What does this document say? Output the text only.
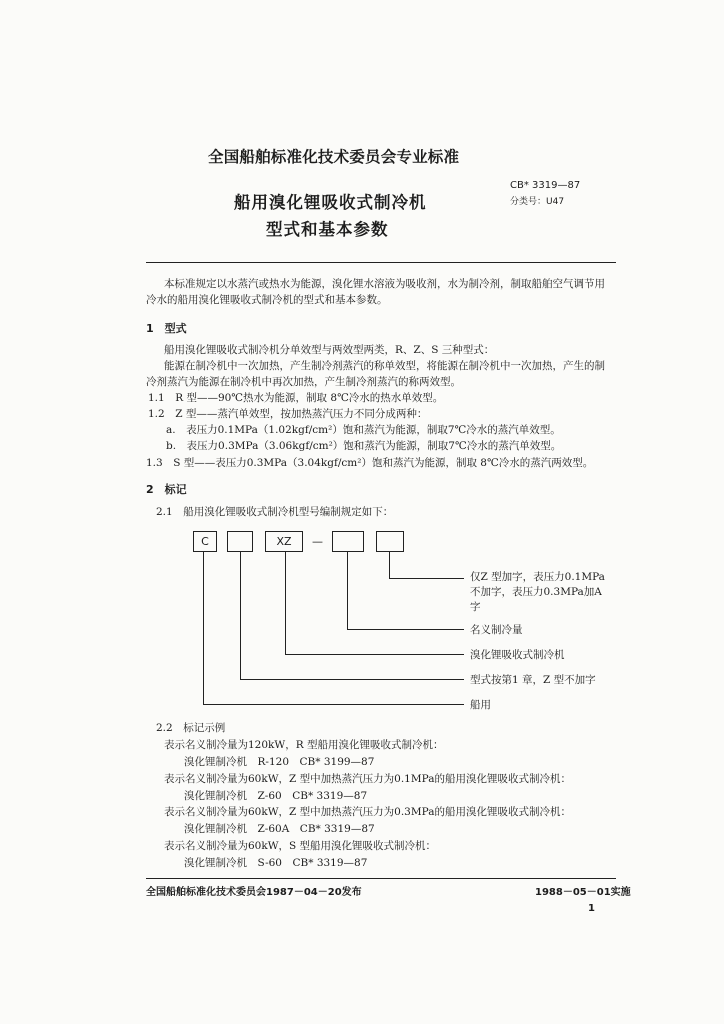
全国船舶标准化技术委员会专业标准
船用溴化锂吸收式制冷机
型式和基本参数
CB* 3319—87
分类号：U47
本标准规定以水蒸汽或热水为能源，溴化锂水溶液为吸收剂，水为制冷剂，制取船舶空气调节用
冷水的船用溴化锂吸收式制冷机的型式和基本参数。
1　型式
船用溴化锂吸收式制冷机分单效型与两效型两类，R、Z、S 三种型式：
能源在制冷机中一次加热，产生制冷剂蒸汽的称单效型，将能源在制冷机中一次加热，产生的制
冷剂蒸汽为能源在制冷机中再次加热，产生制冷剂蒸汽的称两效型。
1.1　R 型——90℃热水为能源，制取 8℃冷水的热水单效型。
1.2　Z 型——蒸汽单效型，按加热蒸汽压力不同分成两种：
a.　表压力0.1MPa（1.02kgf/cm²）饱和蒸汽为能源，制取7℃冷水的蒸汽单效型。
b.　表压力0.3MPa（3.06kgf/cm²）饱和蒸汽为能源，制取7℃冷水的蒸汽单效型。
1.3　S 型——表压力0.3MPa（3.04kgf/cm²）饱和蒸汽为能源，制取 8℃冷水的蒸汽两效型。
2　标记
2.1　船用溴化锂吸收式制冷机型号编制规定如下：
C	XZ	—
仅Z 型加字，表压力0.1MPa
不加字，表压力0.3MPa加A
字
名义制冷量
溴化锂吸收式制冷机
型式按第1 章，Z 型不加字
船用
2.2　标记示例
表示名义制冷量为120kW，R 型船用溴化锂吸收式制冷机：
溴化锂制冷机　R-120　CB* 3199—87
表示名义制冷量为60kW，Z 型中加热蒸汽压力为0.1MPa的船用溴化锂吸收式制冷机：
溴化锂制冷机　Z-60　CB* 3319—87
表示名义制冷量为60kW，Z 型中加热蒸汽压力为0.3MPa的船用溴化锂吸收式制冷机：
溴化锂制冷机　Z-60A　CB* 3319—87
表示名义制冷量为60kW，S 型船用溴化锂吸收式制冷机：
溴化锂制冷机　S-60　CB* 3319—87
全国船舶标准化技术委员会1987－04－20发布	1988－05－01实施
1
